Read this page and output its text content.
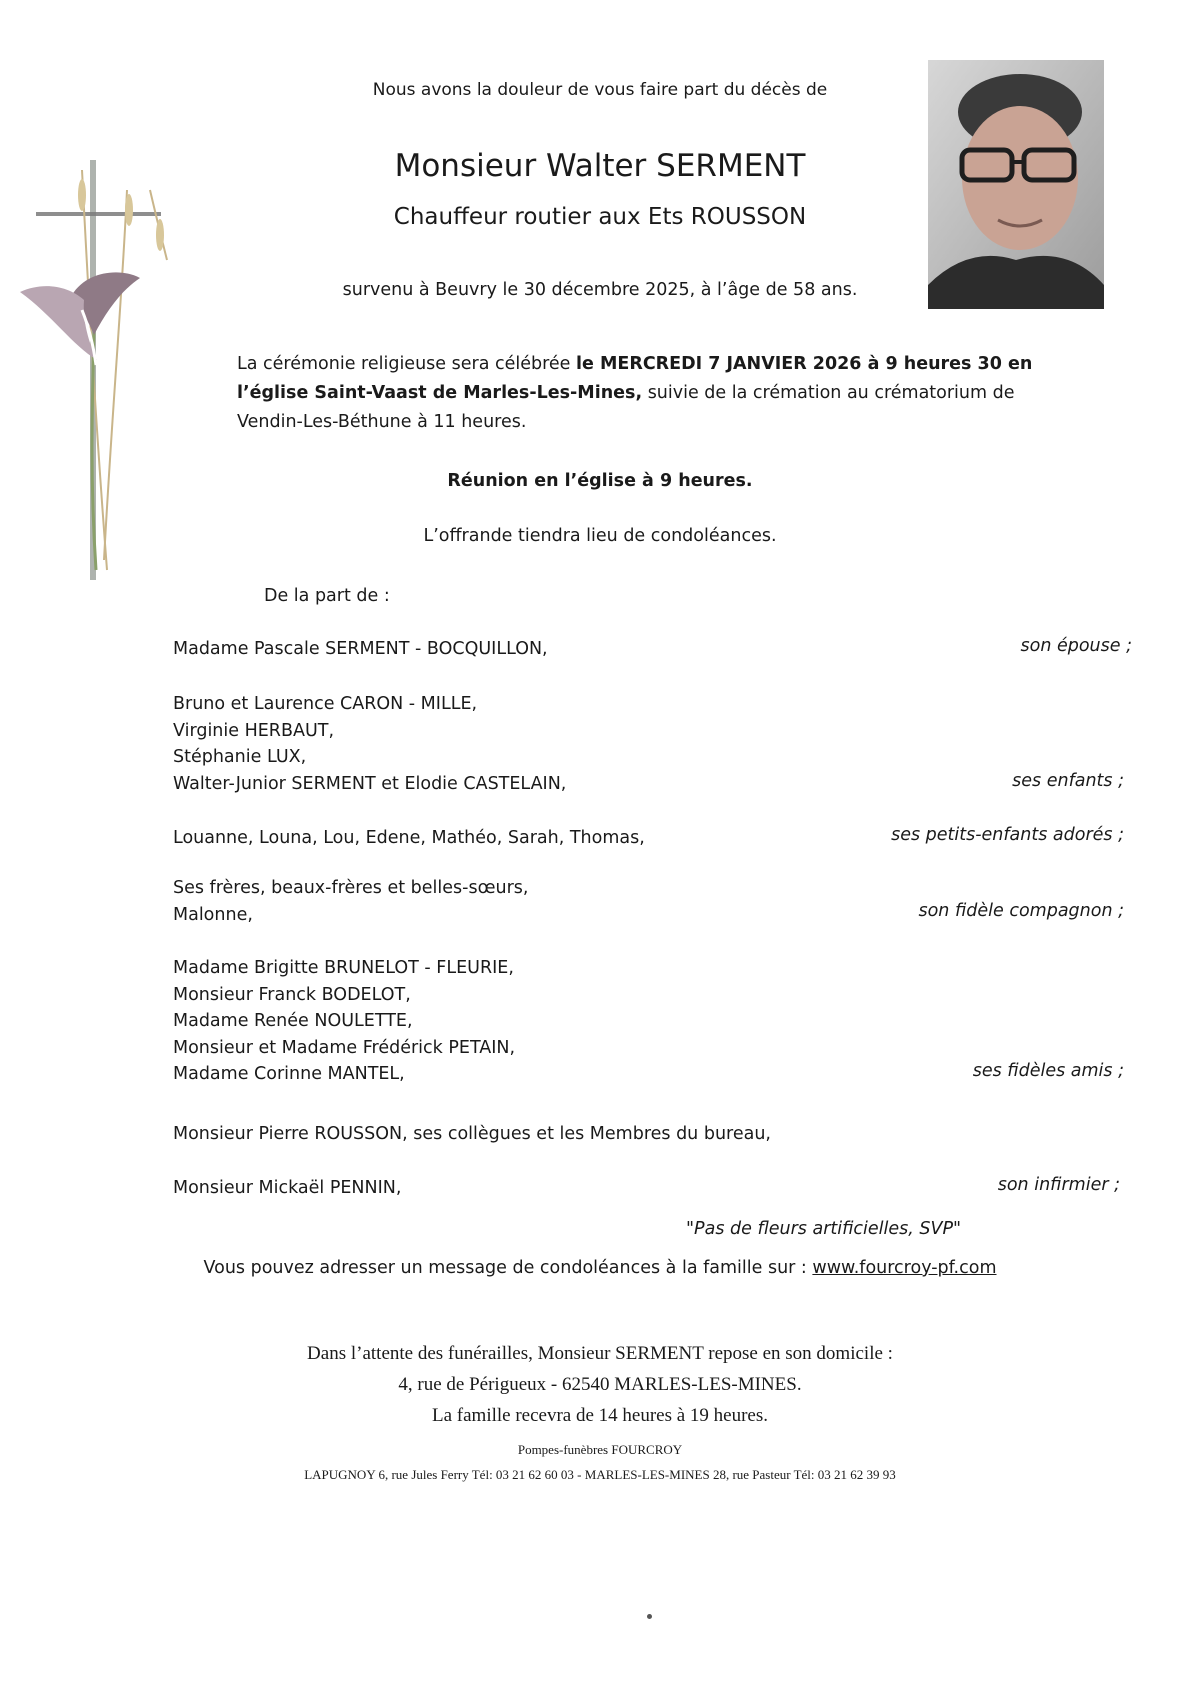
Nous avons la douleur de vous faire part du décès de
Monsieur Walter SERMENT
Chauffeur routier aux Ets ROUSSON
survenu à Beuvry le 30 décembre 2025, à l’âge de 58 ans.
La cérémonie religieuse sera célébrée le MERCREDI 7 JANVIER 2026 à 9 heures 30 en l’église Saint-Vaast de Marles-Les-Mines, suivie de la crémation au crématorium de Vendin-Les-Béthune à 11 heures.
Réunion en l’église à 9 heures.
L’offrande tiendra lieu de condoléances.
De la part de :
Madame Pascale SERMENT - BOCQUILLON,	son épouse ;
Bruno et Laurence CARON - MILLE,
Virginie HERBAUT,
Stéphanie LUX,
Walter-Junior SERMENT et Elodie CASTELAIN,	ses enfants ;
Louanne, Louna, Lou, Edene, Mathéo, Sarah, Thomas,	ses petits-enfants adorés ;
Ses frères, beaux-frères et belles-sœurs,
Malonne,	son fidèle compagnon ;
Madame Brigitte BRUNELOT - FLEURIE,
Monsieur Franck BODELOT,
Madame Renée NOULETTE,
Monsieur et Madame Frédérick PETAIN,
Madame Corinne MANTEL,	ses fidèles amis ;
Monsieur Pierre ROUSSON, ses collègues et les Membres du bureau,
Monsieur Mickaël PENNIN,	son infirmier ;
"Pas de fleurs artificielles, SVP"
Vous pouvez adresser un message de condoléances à la famille sur : www.fourcroy-pf.com
Dans l’attente des funérailles, Monsieur SERMENT repose en son domicile :
4, rue de Périgueux - 62540 MARLES-LES-MINES.
La famille recevra de 14 heures à 19 heures.
Pompes-funèbres FOURCROY
LAPUGNOY 6, rue Jules Ferry Tél: 03 21 62 60 03 - MARLES-LES-MINES 28, rue Pasteur Tél: 03 21 62 39 93
